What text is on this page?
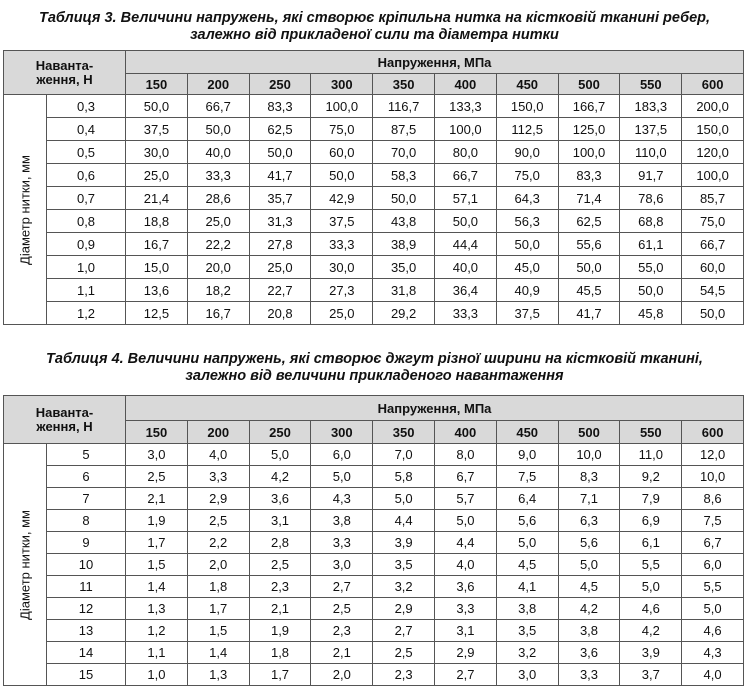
Таблиця 3. Величини напружень, які створює кріпильна нитка на кістковій тканині ребер,
залежно від прикладеної сили та діаметра нитки
Наванта-
ження, Н		Напруження, МПа									
		150	200	250	300	350	400	450	500	550	600

Діаметр нитки, мм	0,3	50,0	66,7	83,3	100,0	116,7	133,3	150,0	166,7	183,3	200,0
	0,4	37,5	50,0	62,5	75,0	87,5	100,0	112,5	125,0	137,5	150,0
	0,5	30,0	40,0	50,0	60,0	70,0	80,0	90,0	100,0	110,0	120,0
	0,6	25,0	33,3	41,7	50,0	58,3	66,7	75,0	83,3	91,7	100,0
	0,7	21,4	28,6	35,7	42,9	50,0	57,1	64,3	71,4	78,6	85,7
	0,8	18,8	25,0	31,3	37,5	43,8	50,0	56,3	62,5	68,8	75,0
	0,9	16,7	22,2	27,8	33,3	38,9	44,4	50,0	55,6	61,1	66,7
	1,0	15,0	20,0	25,0	30,0	35,0	40,0	45,0	50,0	55,0	60,0
	1,1	13,6	18,2	22,7	27,3	31,8	36,4	40,9	45,5	50,0	54,5
	1,2	12,5	16,7	20,8	25,0	29,2	33,3	37,5	41,7	45,8	50,0
Таблиця 4. Величини напружень, які створює джгут різної ширини на кістковій тканині,
залежно від величини прикладеного навантаження
Наванта-
ження, Н		Напруження, МПа									
		150	200	250	300	350	400	450	500	550	600

Діаметр нитки, мм	5	3,0	4,0	5,0	6,0	7,0	8,0	9,0	10,0	11,0	12,0
	6	2,5	3,3	4,2	5,0	5,8	6,7	7,5	8,3	9,2	10,0
	7	2,1	2,9	3,6	4,3	5,0	5,7	6,4	7,1	7,9	8,6
	8	1,9	2,5	3,1	3,8	4,4	5,0	5,6	6,3	6,9	7,5
	9	1,7	2,2	2,8	3,3	3,9	4,4	5,0	5,6	6,1	6,7
	10	1,5	2,0	2,5	3,0	3,5	4,0	4,5	5,0	5,5	6,0
	11	1,4	1,8	2,3	2,7	3,2	3,6	4,1	4,5	5,0	5,5
	12	1,3	1,7	2,1	2,5	2,9	3,3	3,8	4,2	4,6	5,0
	13	1,2	1,5	1,9	2,3	2,7	3,1	3,5	3,8	4,2	4,6
	14	1,1	1,4	1,8	2,1	2,5	2,9	3,2	3,6	3,9	4,3
	15	1,0	1,3	1,7	2,0	2,3	2,7	3,0	3,3	3,7	4,0
